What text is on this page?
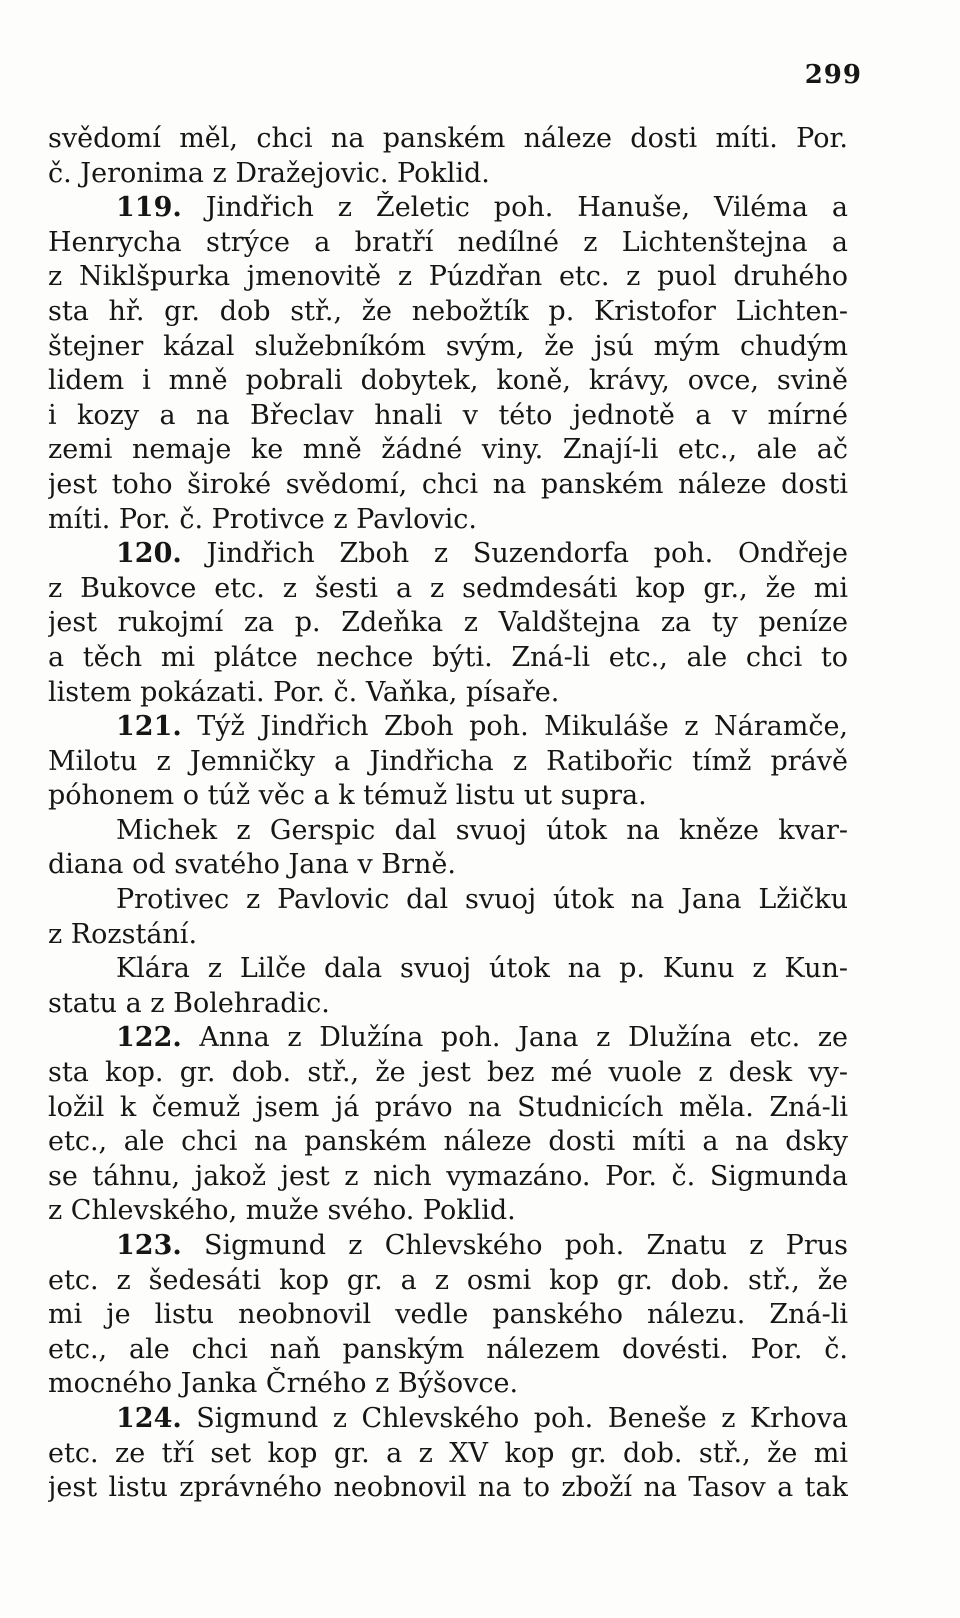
299
svědomí měl, chci na panském náleze dosti míti. Por.
č. Jeronima z Dražejovic. Poklid.
119. Jindřich z Želetic poh. Hanuše, Viléma a
Henrycha strýce a bratří nedílné z Lichtenštejna a
z Niklšpurka jmenovitě z Púzdřan etc. z puol druhého
sta hř. gr. dob stř., že nebožtík p. Kristofor Lichten-
štejner kázal služebníkóm svým, že jsú mým chudým
lidem i mně pobrali dobytek, koně, krávy, ovce, svině
i kozy a na Břeclav hnali v této jednotě a v mírné
zemi nemaje ke mně žádné viny. Znají-li etc., ale ač
jest toho široké svědomí, chci na panském náleze dosti
míti. Por. č. Protivce z Pavlovic.
120. Jindřich Zboh z Suzendorfa poh. Ondřeje
z Bukovce etc. z šesti a z sedmdesáti kop gr., že mi
jest rukojmí za p. Zdeňka z Valdštejna za ty peníze
a těch mi plátce nechce býti. Zná-li etc., ale chci to
listem pokázati. Por. č. Vaňka, písaře.
121. Týž Jindřich Zboh poh. Mikuláše z Náramče,
Milotu z Jemničky a Jindřicha z Ratibořic tímž právě
póhonem o túž věc a k témuž listu ut supra.
Michek z Gerspic dal svuoj útok na kněze kvar-
diana od svatého Jana v Brně.
Protivec z Pavlovic dal svuoj útok na Jana Lžičku
z Rozstání.
Klára z Lilče dala svuoj útok na p. Kunu z Kun-
statu a z Bolehradic.
122. Anna z Dlužína poh. Jana z Dlužína etc. ze
sta kop. gr. dob. stř., že jest bez mé vuole z desk vy-
ložil k čemuž jsem já právo na Studnicích měla. Zná-li
etc., ale chci na panském náleze dosti míti a na dsky
se táhnu, jakož jest z nich vymazáno. Por. č. Sigmunda
z Chlevského, muže svého. Poklid.
123. Sigmund z Chlevského poh. Znatu z Prus
etc. z šedesáti kop gr. a z osmi kop gr. dob. stř., že
mi je listu neobnovil vedle panského nálezu. Zná-li
etc., ale chci naň panským nálezem dovésti. Por. č.
mocného Janka Črného z Býšovce.
124. Sigmund z Chlevského poh. Beneše z Krhova
etc. ze tří set kop gr. a z XV kop gr. dob. stř., že mi
jest listu zprávného neobnovil na to zboží na Tasov a tak
